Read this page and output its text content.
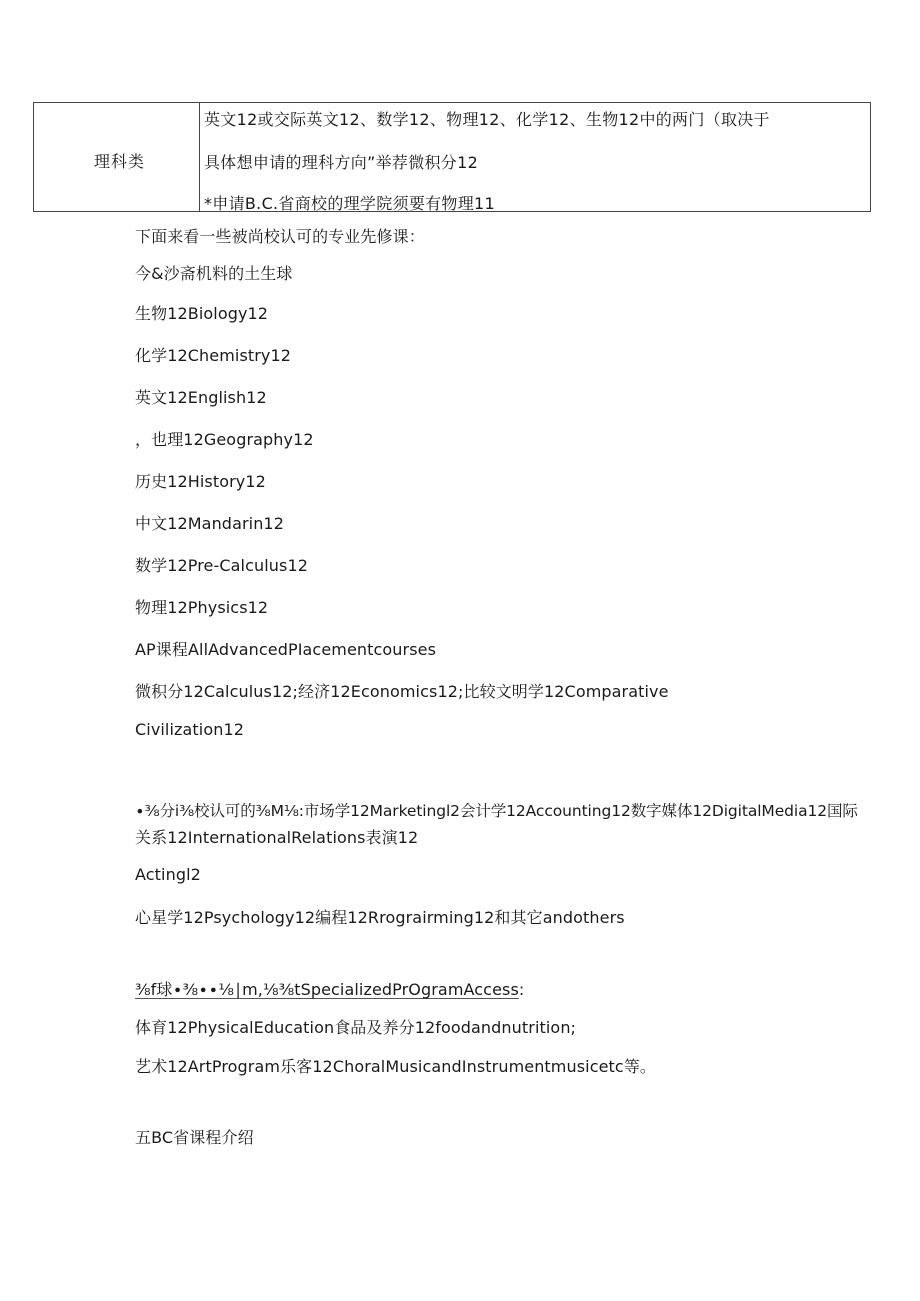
理科类
英文12或交际英文12、数学12、物理12、化学12、生物12中的两门（取决于
具体想申请的理科方向”举荐微积分12
*申请B.C.省商校的理学院须要有物理11
下面来看一些被尚校认可的专业先修课：
今&沙斋机料的土生球
生物12Biology12
化学12Chemistry12
英文12English12
，也理12Geography12
历史12History12
中文12Mandarin12
数学12Pre-Calculus12
物理12Physics12
AP课程AllAdvancedPIacementcourses
微积分12Calculus12;经济12Economics12;比较文明学12Comparative
Civilization12
∙⅜分i⅜校认可的⅜M⅛:市场学12Marketingl2会计学12Accounting12数字媒体12DigitalMedia12国际
关系12InternationalRelations表演12
Actingl2
心星学12Psychology12编程12Rrograirming12和其它andothers
⅜f球∙⅜∙∙⅛∣m,⅛⅜tSpecializedPrOgramAccess:
体育12PhysicalEducation食品及养分12foodandnutrition;
艺术12ArtProgram乐客12ChoralMusicandInstrumentmusicetc等。
五BC省课程介绍
